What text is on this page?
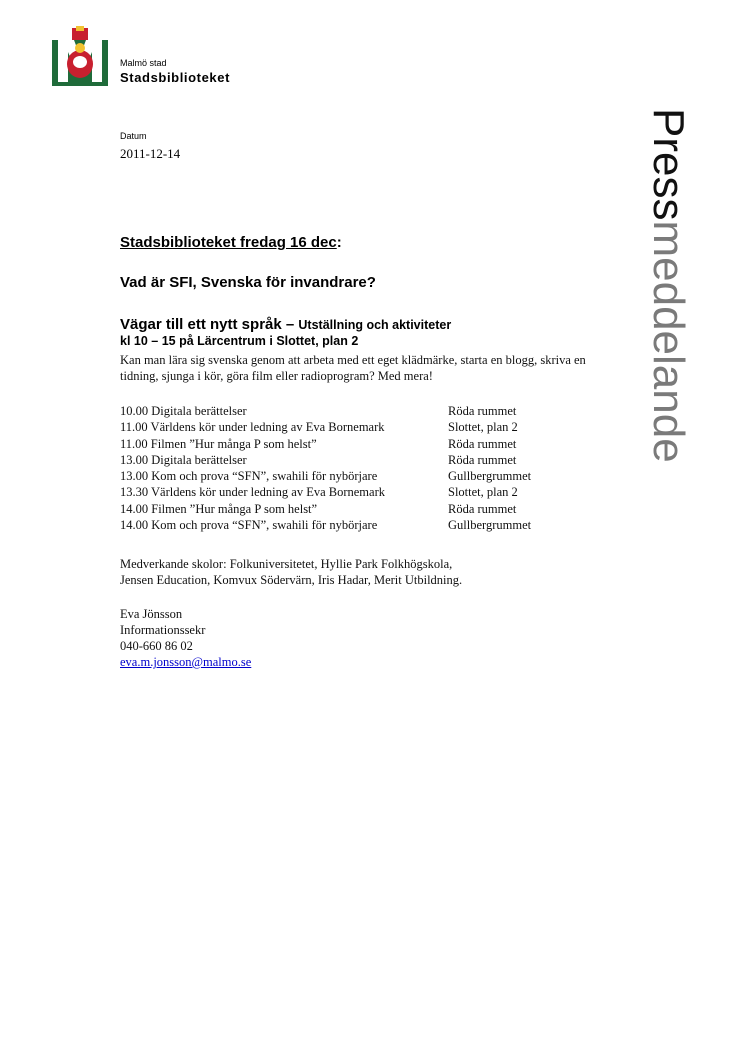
Malmö stad
Stadsbiblioteket
Datum
2011-12-14	Pressmeddelande
Stadsbiblioteket fredag 16 dec:
Vad är SFI, Svenska för invandrare?
Vägar till ett nytt språk – Utställning och aktiviteter
kl 10 – 15 på Lärcentrum i Slottet, plan 2
Kan man lära sig svenska genom att arbeta med ett eget klädmärke, starta en blogg, skriva en tidning, sjunga i kör, göra film eller radioprogram? Med mera!
10.00 Digitala berättelser	Röda rummet
11.00 Världens kör under ledning av Eva Bornemark	Slottet, plan 2
11.00 Filmen ”Hur många P som helst”	Röda rummet
13.00 Digitala berättelser	Röda rummet
13.00 Kom och prova “SFN”, swahili för nybörjare	Gullbergrummet
13.30 Världens kör under ledning av Eva Bornemark	Slottet, plan 2
14.00 Filmen ”Hur många P som helst”	Röda rummet
14.00 Kom och prova “SFN”, swahili för nybörjare	Gullbergrummet
Medverkande skolor: Folkuniversitetet, Hyllie Park Folkhögskola,
Jensen Education, Komvux Södervärn, Iris Hadar, Merit Utbildning.
Eva Jönsson
Informationssekr
040-660 86 02
eva.m.jonsson@malmo.se
